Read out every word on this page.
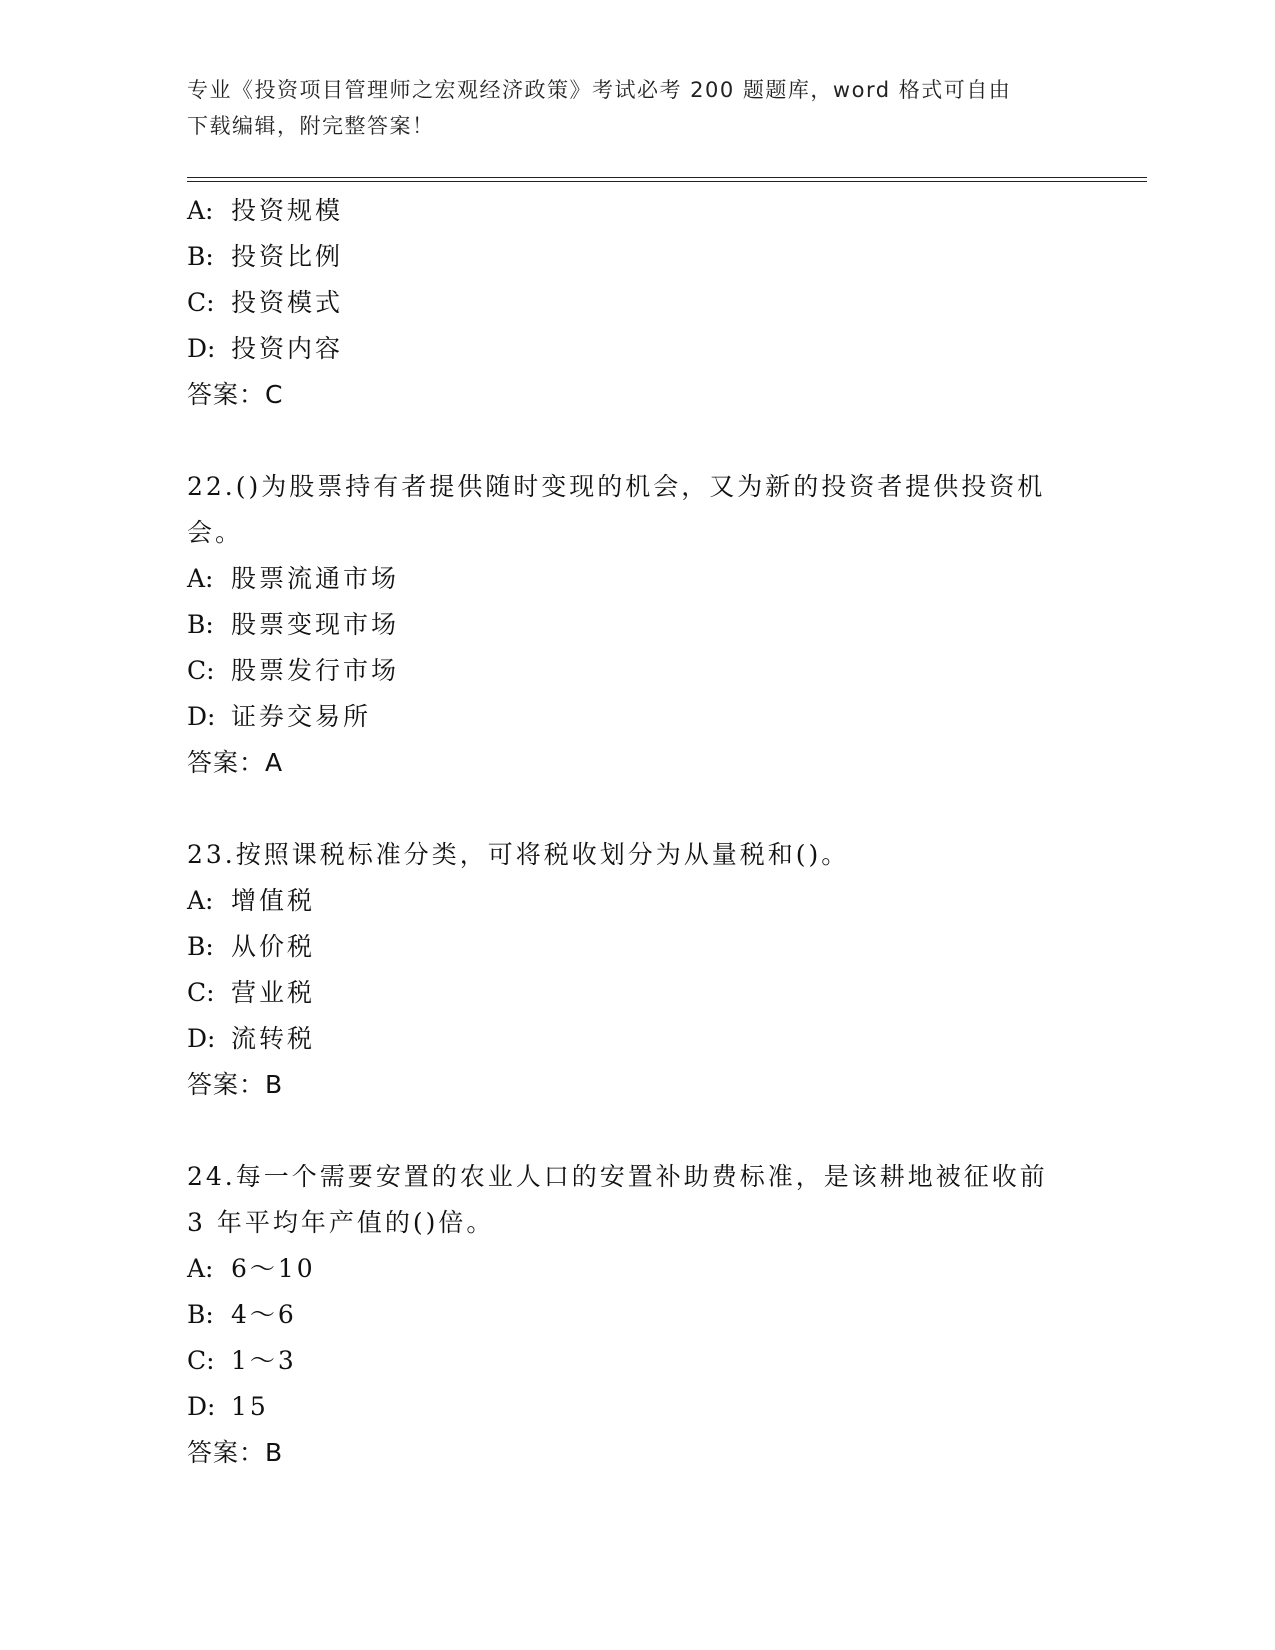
专业《投资项目管理师之宏观经济政策》考试必考 200 题题库，word 格式可自由
下载编辑，附完整答案！
A: 投资规模
B: 投资比例
C: 投资模式
D: 投资内容
答案：C
22.()为股票持有者提供随时变现的机会，又为新的投资者提供投资机
会。
A: 股票流通市场
B: 股票变现市场
C: 股票发行市场
D: 证券交易所
答案：A
23.按照课税标准分类，可将税收划分为从量税和()。
A: 增值税
B: 从价税
C: 营业税
D: 流转税
答案：B
24.每一个需要安置的农业人口的安置补助费标准，是该耕地被征收前
3 年平均年产值的()倍。
A: 6～10
B: 4～6
C: 1～3
D: 15
答案：B
